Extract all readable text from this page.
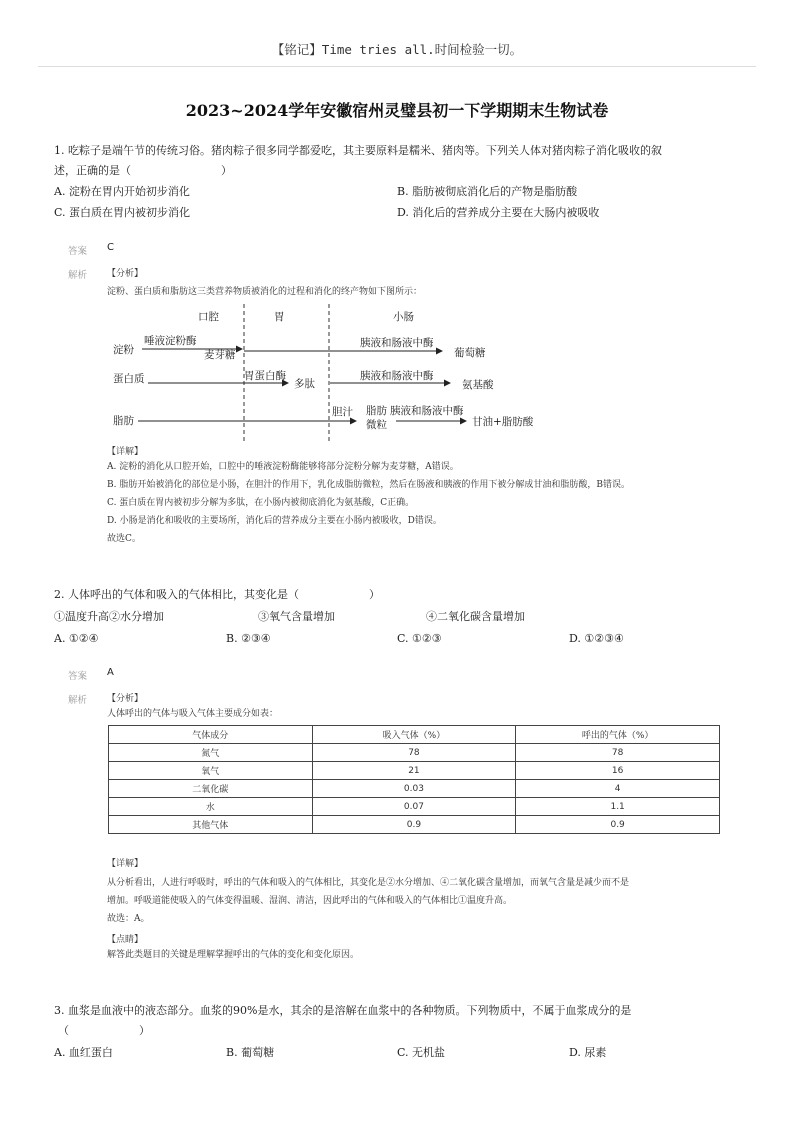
【铭记】Time tries all.时间检验一切。
2023~2024学年安徽宿州灵璧县初一下学期期末生物试卷
1. 吃粽子是端午节的传统习俗。猪肉粽子很多同学都爱吃，其主要原料是糯米、猪肉等。下列关人体对猪肉粽子消化吸收的叙
述，正确的是（	）
A. 淀粉在胃内开始初步消化	B. 脂肪被彻底消化后的产物是脂肪酸
C. 蛋白质在胃内被初步消化	D. 消化后的营养成分主要在大肠内被吸收
答案 C
解析 【分析】
淀粉、蛋白质和脂肪这三类营养物质被消化的过程和消化的终产物如下图所示：
口腔	胃	小肠
淀粉
唾液淀粉酶
麦芽糖
胰液和肠液中酶
葡萄糖
蛋白质	胃蛋白酶
多肽
胰液和肠液中酶
氨基酸
脂肪
胆汁 脂肪
微粒
胰液和肠液中酶
甘油+脂肪酸
【详解】
A. 淀粉的消化从口腔开始，口腔中的唾液淀粉酶能够将部分淀粉分解为麦芽糖，A错误。
B. 脂肪开始被消化的部位是小肠，在胆汁的作用下，乳化成脂肪微粒，然后在肠液和胰液的作用下被分解成甘油和脂肪酸，B错误。
C. 蛋白质在胃内被初步分解为多肽，在小肠内被彻底消化为氨基酸，C正确。
D. 小肠是消化和吸收的主要场所，消化后的营养成分主要在小肠内被吸收，D错误。
故选C。
2. 人体呼出的气体和吸入的气体相比，其变化是（	）
①温度升高②水分增加	③氧气含量增加	④二氧化碳含量增加
A. ①②④	B. ②③④	C. ①②③	D. ①②③④
答案 A
解析 【分析】
人体呼出的气体与吸入气体主要成分如表：
气体成分	吸入气体（%）	呼出的气体（%）
氮气	78	78
氧气	21	16
二氧化碳	0.03	4
水	0.07	1.1
其他气体	0.9	0.9
【详解】
从分析看出，人进行呼吸时，呼出的气体和吸入的气体相比，其变化是②水分增加、④二氧化碳含量增加，而氧气含量是减少而不是
增加。呼吸道能使吸入的气体变得温暖、湿润、清洁，因此呼出的气体和吸入的气体相比①温度升高。
故选：A。
【点睛】
解答此类题目的关键是理解掌握呼出的气体的变化和变化原因。
3. 血浆是血液中的液态部分。血浆的90%是水，其余的是溶解在血浆中的各种物质。下列物质中，不属于血浆成分的是
（	）
A. 血红蛋白	B. 葡萄糖	C. 无机盐	D. 尿素
